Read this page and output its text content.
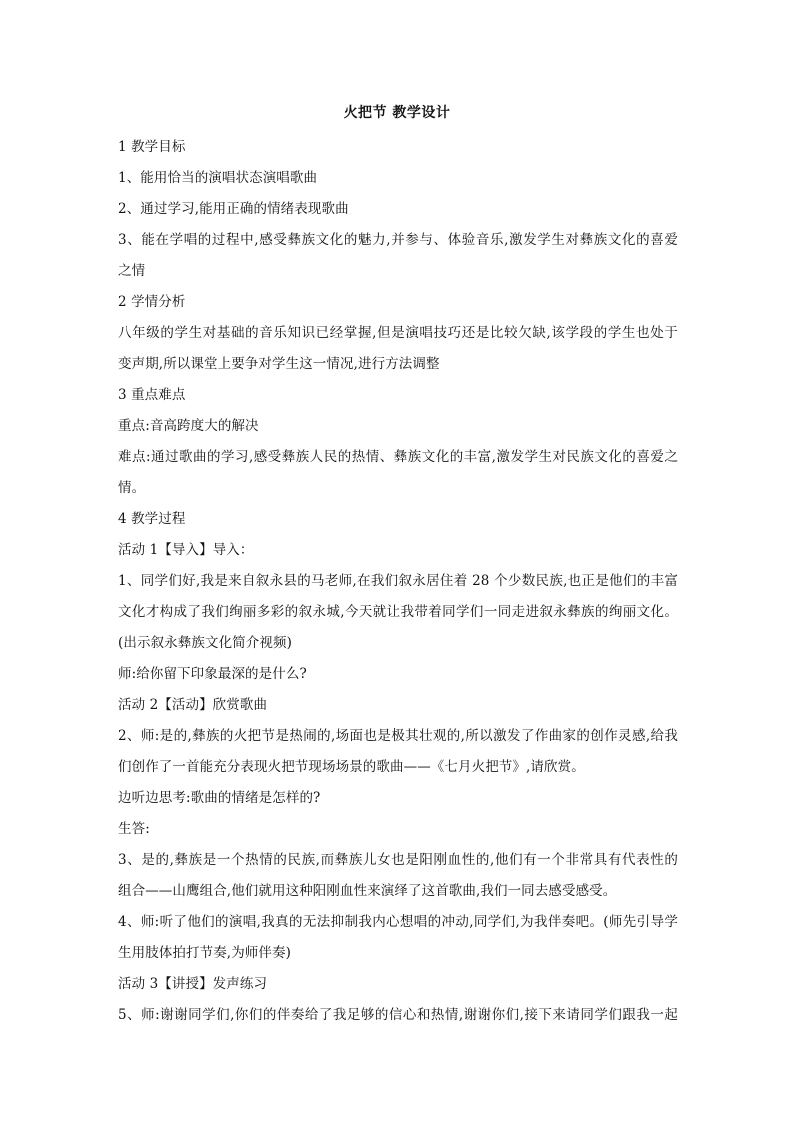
火把节 教学设计
1 教学目标
1、能用恰当的演唱状态演唱歌曲
2、通过学习,能用正确的情绪表现歌曲
3、能在学唱的过程中,感受彝族文化的魅力,并参与、体验音乐,激发学生对彝族文化的喜爱
之情
2 学情分析
八年级的学生对基础的音乐知识已经掌握,但是演唱技巧还是比较欠缺,该学段的学生也处于
变声期,所以课堂上要争对学生这一情况,进行方法调整
3 重点难点
重点:音高跨度大的解决
难点:通过歌曲的学习,感受彝族人民的热情、彝族文化的丰富,激发学生对民族文化的喜爱之
情。
4 教学过程
活动 1【导入】导入：
1、同学们好,我是来自叙永县的马老师,在我们叙永居住着 28 个少数民族,也正是他们的丰富
文化才构成了我们绚丽多彩的叙永城,今天就让我带着同学们一同走进叙永彝族的绚丽文化。
(出示叙永彝族文化简介视频)
师:给你留下印象最深的是什么?
活动 2【活动】欣赏歌曲
2、师:是的,彝族的火把节是热闹的,场面也是极其壮观的,所以激发了作曲家的创作灵感,给我
们创作了一首能充分表现火把节现场场景的歌曲——《七月火把节》,请欣赏。
边听边思考:歌曲的情绪是怎样的?
生答:
3、是的,彝族是一个热情的民族,而彝族儿女也是阳刚血性的,他们有一个非常具有代表性的
组合——山鹰组合,他们就用这种阳刚血性来演绎了这首歌曲,我们一同去感受感受。
4、师:听了他们的演唱,我真的无法抑制我内心想唱的冲动,同学们,为我伴奏吧。(师先引导学
生用肢体拍打节奏,为师伴奏)
活动 3【讲授】发声练习
5、师:谢谢同学们,你们的伴奏给了我足够的信心和热情,谢谢你们,接下来请同学们跟我一起
